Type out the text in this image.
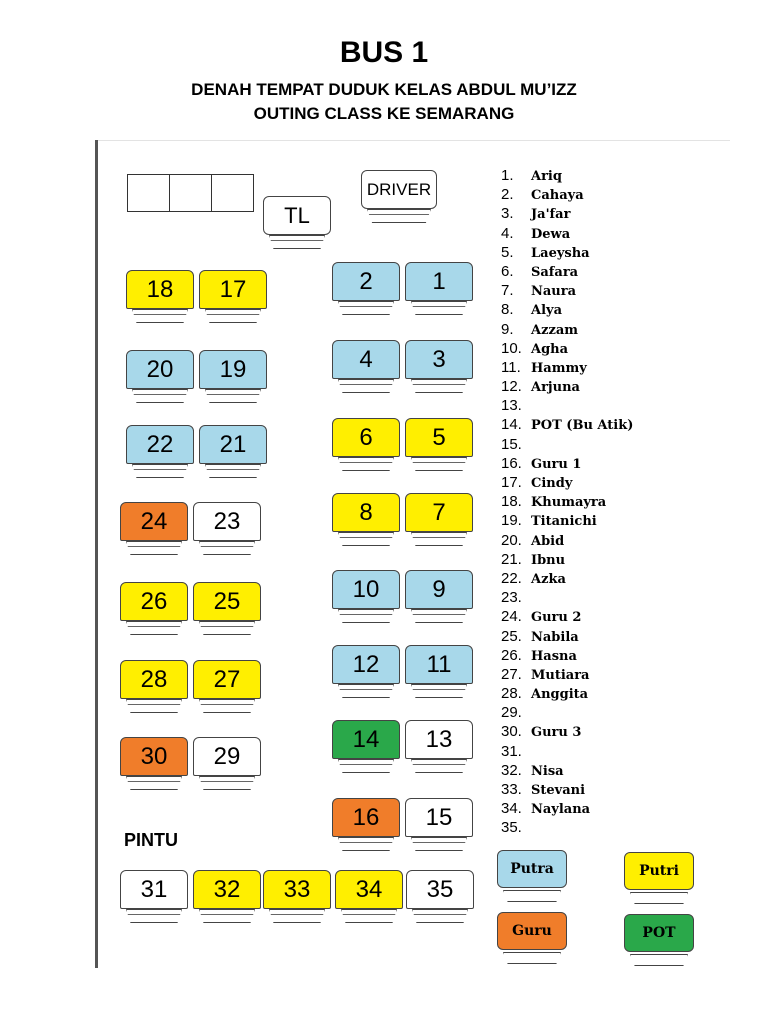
BUS 1
DENAH TEMPAT DUDUK KELAS ABDUL MU’IZZ
OUTING CLASS KE SEMARANG
DRIVER
TL
18	17	2	1
20	19	4	3
22	21	6	5
24	23	8	7
26	25	10	9
28	27
12	11
30	29
14	13
16	15
31	32	33	34	35
PINTU
1. Ariq
2. Cahaya
3. Ja'far
4. Dewa
5. Laeysha
6. Safara
7. Naura
8. Alya
9. Azzam
10. Agha
11. Hammy
12. Arjuna
13.
14. POT (Bu Atik)
15.
16. Guru 1
17. Cindy
18. Khumayra
19. Titanichi
20. Abid
21. Ibnu
22. Azka
23.
24. Guru 2
25. Nabila
26. Hasna
27. Mutiara
28. Anggita
29.
30. Guru 3
31.
32. Nisa
33. Stevani
34. Naylana
35.
Putra	Putri
Guru	POT
